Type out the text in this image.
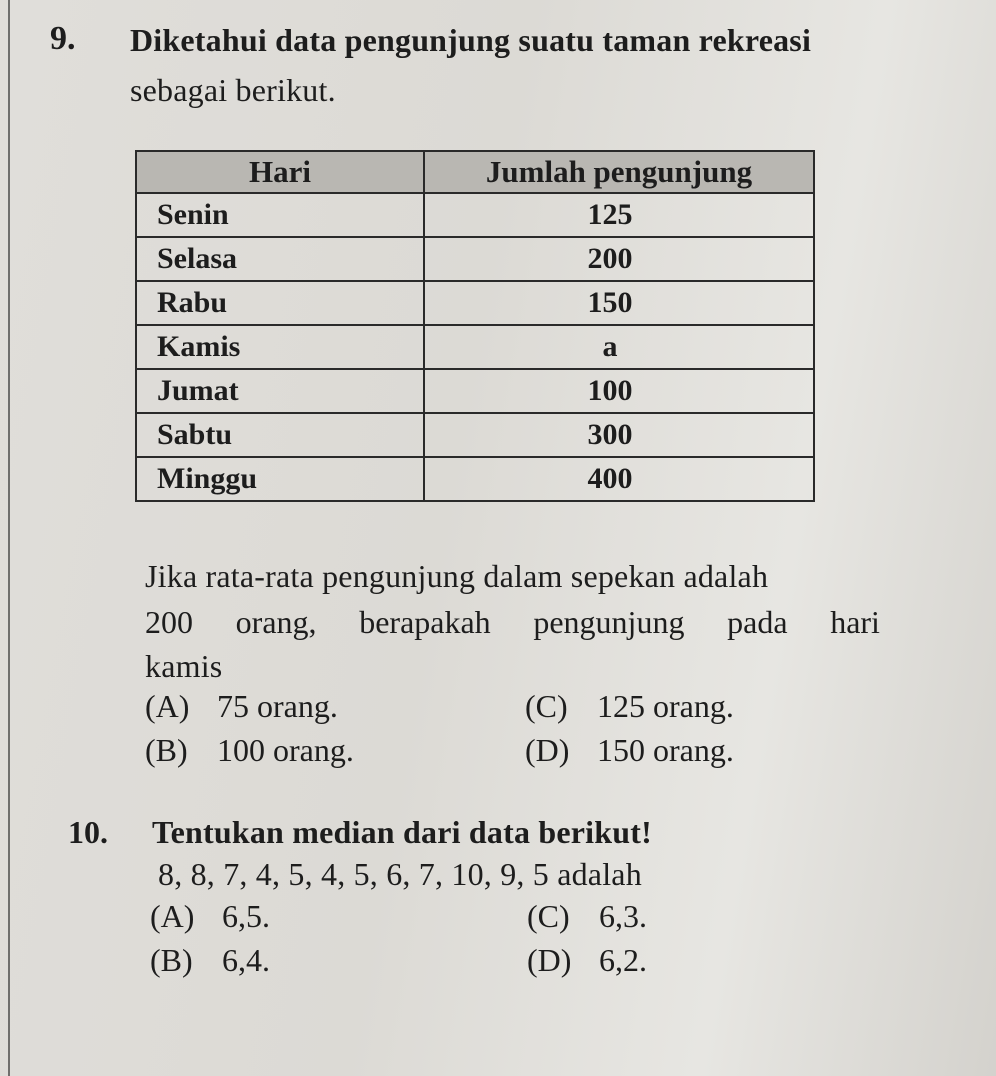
9. Diketahui data pengunjung suatu taman rekreasi
sebagai berikut.
Hari	Jumlah pengunjung
Senin	125
Selasa	200
Rabu	150
Kamis	a
Jumat	100
Sabtu	300
Minggu	400
Jika rata-rata pengunjung dalam sepekan adalah
200 orang, berapakah pengunjung pada hari
kamis
(A) 75 orang.	(C) 125 orang.
(B) 100 orang.	(D) 150 orang.
10. Tentukan median dari data berikut!
8, 8, 7, 4, 5, 4, 5, 6, 7, 10, 9, 5 adalah
(A) 6,5.	(C) 6,3.
(B) 6,4.	(D) 6,2.
